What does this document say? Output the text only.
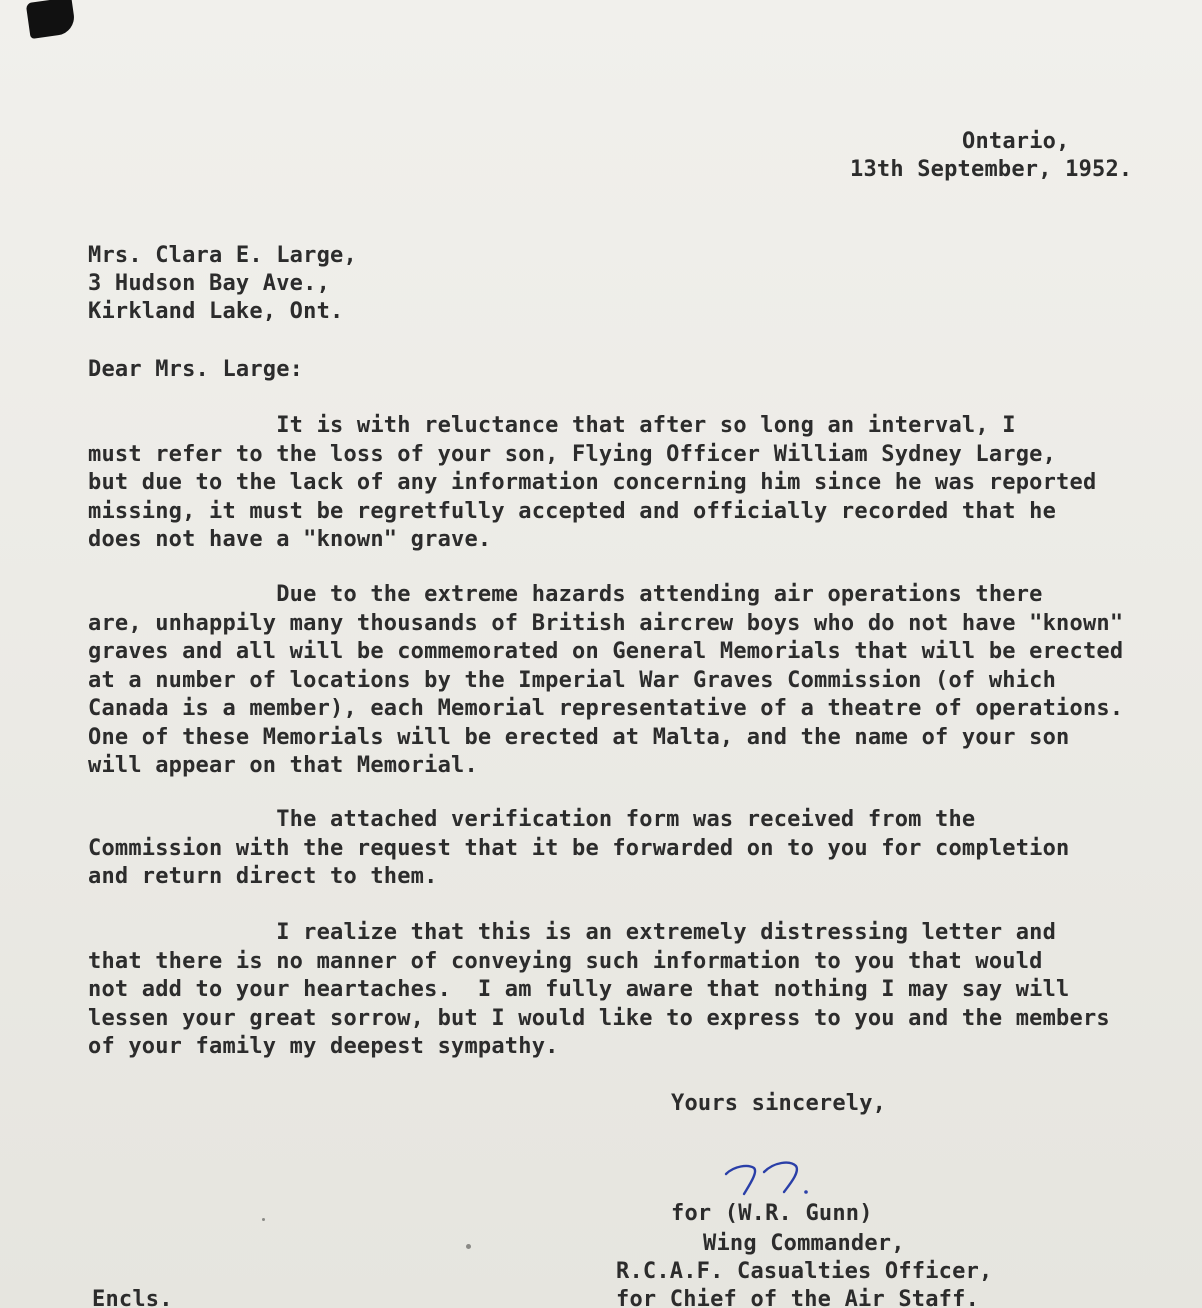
Ontario,
13th September, 1952.
Mrs. Clara E. Large,
3 Hudson Bay Ave.,
Kirkland Lake, Ont.
Dear Mrs. Large:
It is with reluctance that after so long an interval, I
must refer to the loss of your son, Flying Officer William Sydney Large,
but due to the lack of any information concerning him since he was reported
missing, it must be regretfully accepted and officially recorded that he
does not have a "known" grave.
Due to the extreme hazards attending air operations there
are, unhappily many thousands of British aircrew boys who do not have "known"
graves and all will be commemorated on General Memorials that will be erected
at a number of locations by the Imperial War Graves Commission (of which
Canada is a member), each Memorial representative of a theatre of operations.
One of these Memorials will be erected at Malta, and the name of your son
will appear on that Memorial.
The attached verification form was received from the
Commission with the request that it be forwarded on to you for completion
and return direct to them.
I realize that this is an extremely distressing letter and
that there is no manner of conveying such information to you that would
not add to your heartaches.  I am fully aware that nothing I may say will
lessen your great sorrow, but I would like to express to you and the members
of your family my deepest sympathy.
Yours sincerely,
for (W.R. Gunn)
Wing Commander,
R.C.A.F. Casualties Officer,
for Chief of the Air Staff.
Encls.
